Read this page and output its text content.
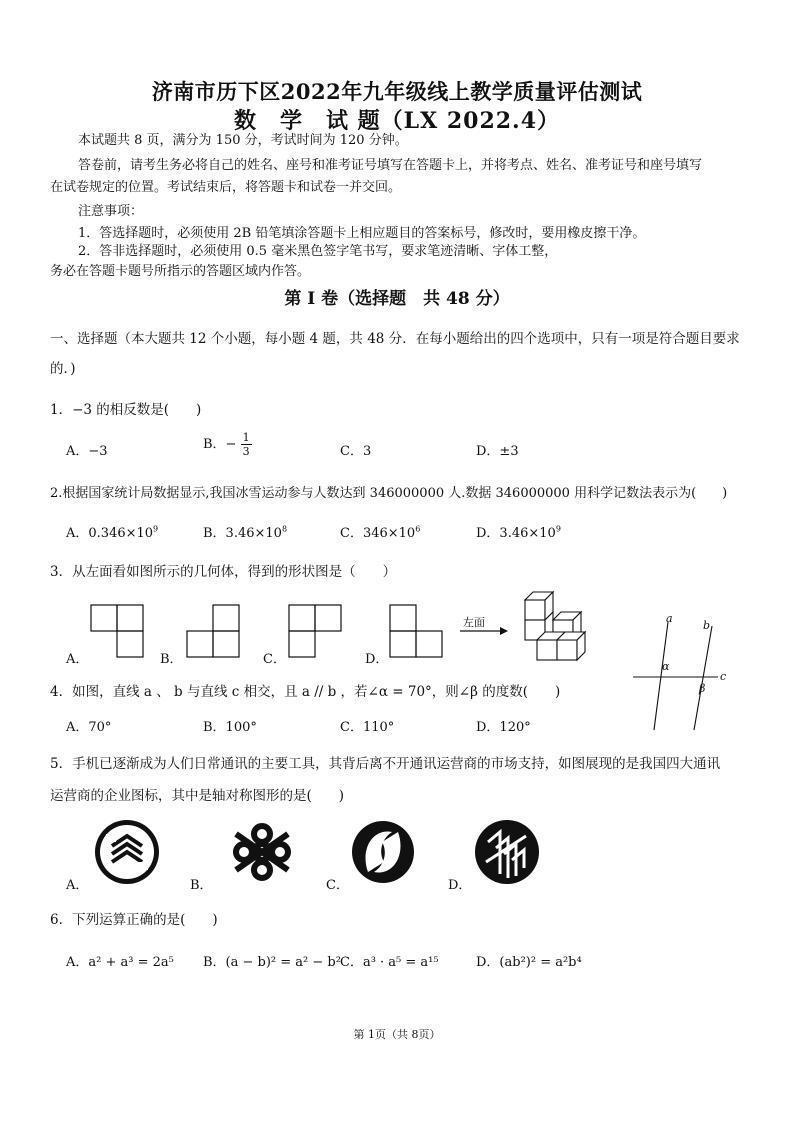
济南市历下区2022年九年级线上教学质量评估测试
数　学　试 题（LX 2022.4）
本试题共 8 页，满分为 150 分，考试时间为 120 分钟。
答卷前，请考生务必将自己的姓名、座号和准考证号填写在答题卡上，并将考点、姓名、准考证号和座号填写
在试卷规定的位置。考试结束后，将答题卡和试卷一并交回。
注意事项：
1．答选择题时，必须使用 2B 铅笔填涂答题卡上相应题目的答案标号，修改时，要用橡皮擦干净。
2．答非选择题时，必须使用 0.5 毫米黑色签字笔书写，要求笔迹清晰、字体工整，
务必在答题卡题号所指示的答题区域内作答。
第 I 卷（选择题　共 48 分）
一、选择题（本大题共 12 个小题，每小题 4 题，共 48 分．在每小题给出的四个选项中，只有一项是符合题目要求
的．)
1．−3 的相反数是(　　)
A．−3	B．− $\frac{1}{3}$	C．3	D．±3
2.根据国家统计局数据显示,我国冰雪运动参与人数达到 346000000 人.数据 346000000 用科学记数法表示为(　　)
A．$0.346\times 10^9$	B．$3.46\times 10^8$	C．$346\times 10^6$	D．$3.46\times 10^9$
3．从左面看如图所示的几何体，得到的形状图是（　　）
A．	B．	C．	D．
左面	a
b
c
α
β
4．如图，直线 a 、 b 与直线 c 相交，且 a // b ，若∠α = 70°，则∠β 的度数(　　)
A．70°	B．100°	C．110°	D．120°
5．手机已逐渐成为人们日常通讯的主要工具，其背后离不开通讯运营商的市场支持，如图展现的是我国四大通讯
运营商的企业图标，其中是轴对称图形的是(　　)
A．	B．	C．	D．
6．下列运算正确的是(　　)
A．a² + a³ = 2a⁵ B．(a − b)² = a² − b² C．a³ · a⁵ = a¹⁵	D．(ab²)² = a²b⁴
第 1页（共 8页）
